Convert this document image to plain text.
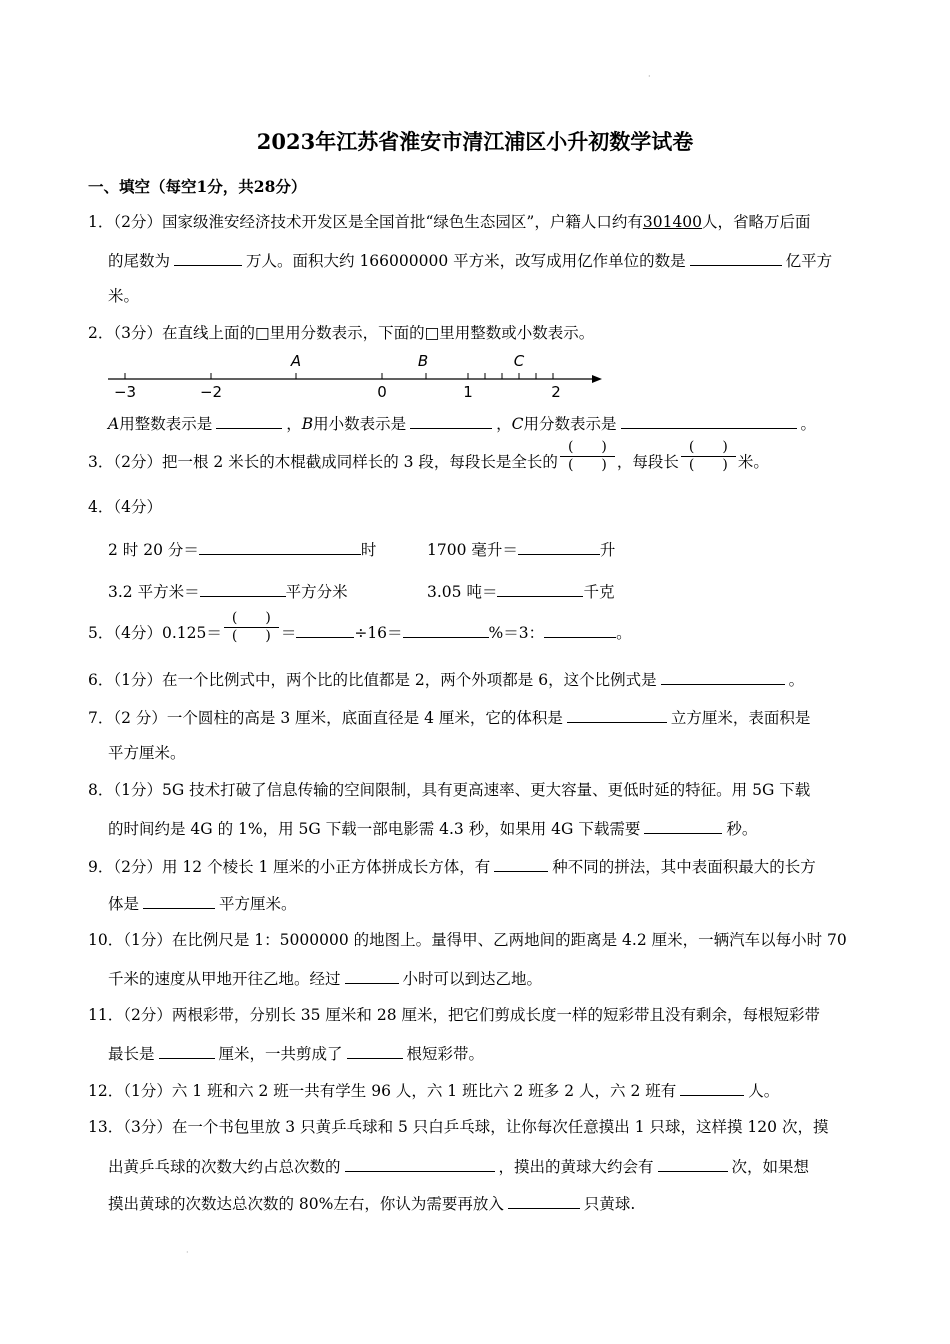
·
·
2023年江苏省淮安市清江浦区小升初数学试卷
一、填空（每空1分，共28分）
1．（2分）国家级淮安经济技术开发区是全国首批“绿色生态园区”，户籍人口约有301400人，省略万后面
的尾数为	万人。面积大约 166000000 平方米，改写成用亿作单位的数是	亿平方
米。
2．（3分）在直线上面的□里用分数表示，下面的□里用整数或小数表示。
A	B	C
−3	−2	0	1	2
A用整数表示是	，B用小数表示是	，C用分数表示是	。
3．（2分）把一根 2 米长的木棍截成同样长的 3 段，每段长是全长的 $\frac{( )}{( )}$ ，每段长 $\frac{( )}{( )}$ 米。
4．（4分）
2 时 20 分＝	时	1700 毫升＝	升
3.2 平方米＝	平方分米	3.05 吨＝	千克
5．（4分）$0.125= \frac{( )}{( )}$ ＝	÷16＝	%＝3：	。
6．（1分）在一个比例式中，两个比的比值都是 2，两个外项都是 6，这个比例式是	。
7．（2 分）一个圆柱的高是 3 厘米，底面直径是 4 厘米，它的体积是	立方厘米，表面积是
平方厘米。
8．（1分）5G 技术打破了信息传输的空间限制，具有更高速率、更大容量、更低时延的特征。用 5G 下载
的时间约是 4G 的 1%，用 5G 下载一部电影需 4.3 秒，如果用 4G 下载需要	秒。
9．（2分）用 12 个棱长 1 厘米的小正方体拼成长方体，有	种不同的拼法，其中表面积最大的长方
体是	平方厘米。
10．（1分）在比例尺是 1：5000000 的地图上。量得甲、乙两地间的距离是 4.2 厘米，一辆汽车以每小时 70
千米的速度从甲地开往乙地。经过	小时可以到达乙地。
11．（2分）两根彩带，分别长 35 厘米和 28 厘米，把它们剪成长度一样的短彩带且没有剩余，每根短彩带
最长是	厘米，一共剪成了	根短彩带。
12．（1分）六 1 班和六 2 班一共有学生 96 人，六 1 班比六 2 班多 2 人，六 2 班有	人。
13．（3分）在一个书包里放 3 只黄乒乓球和 5 只白乒乓球，让你每次任意摸出 1 只球，这样摸 120 次，摸
出黄乒乓球的次数大约占总次数的	，摸出的黄球大约会有	次，如果想
摸出黄球的次数达总次数的 80%左右，你认为需要再放入	只黄球.
